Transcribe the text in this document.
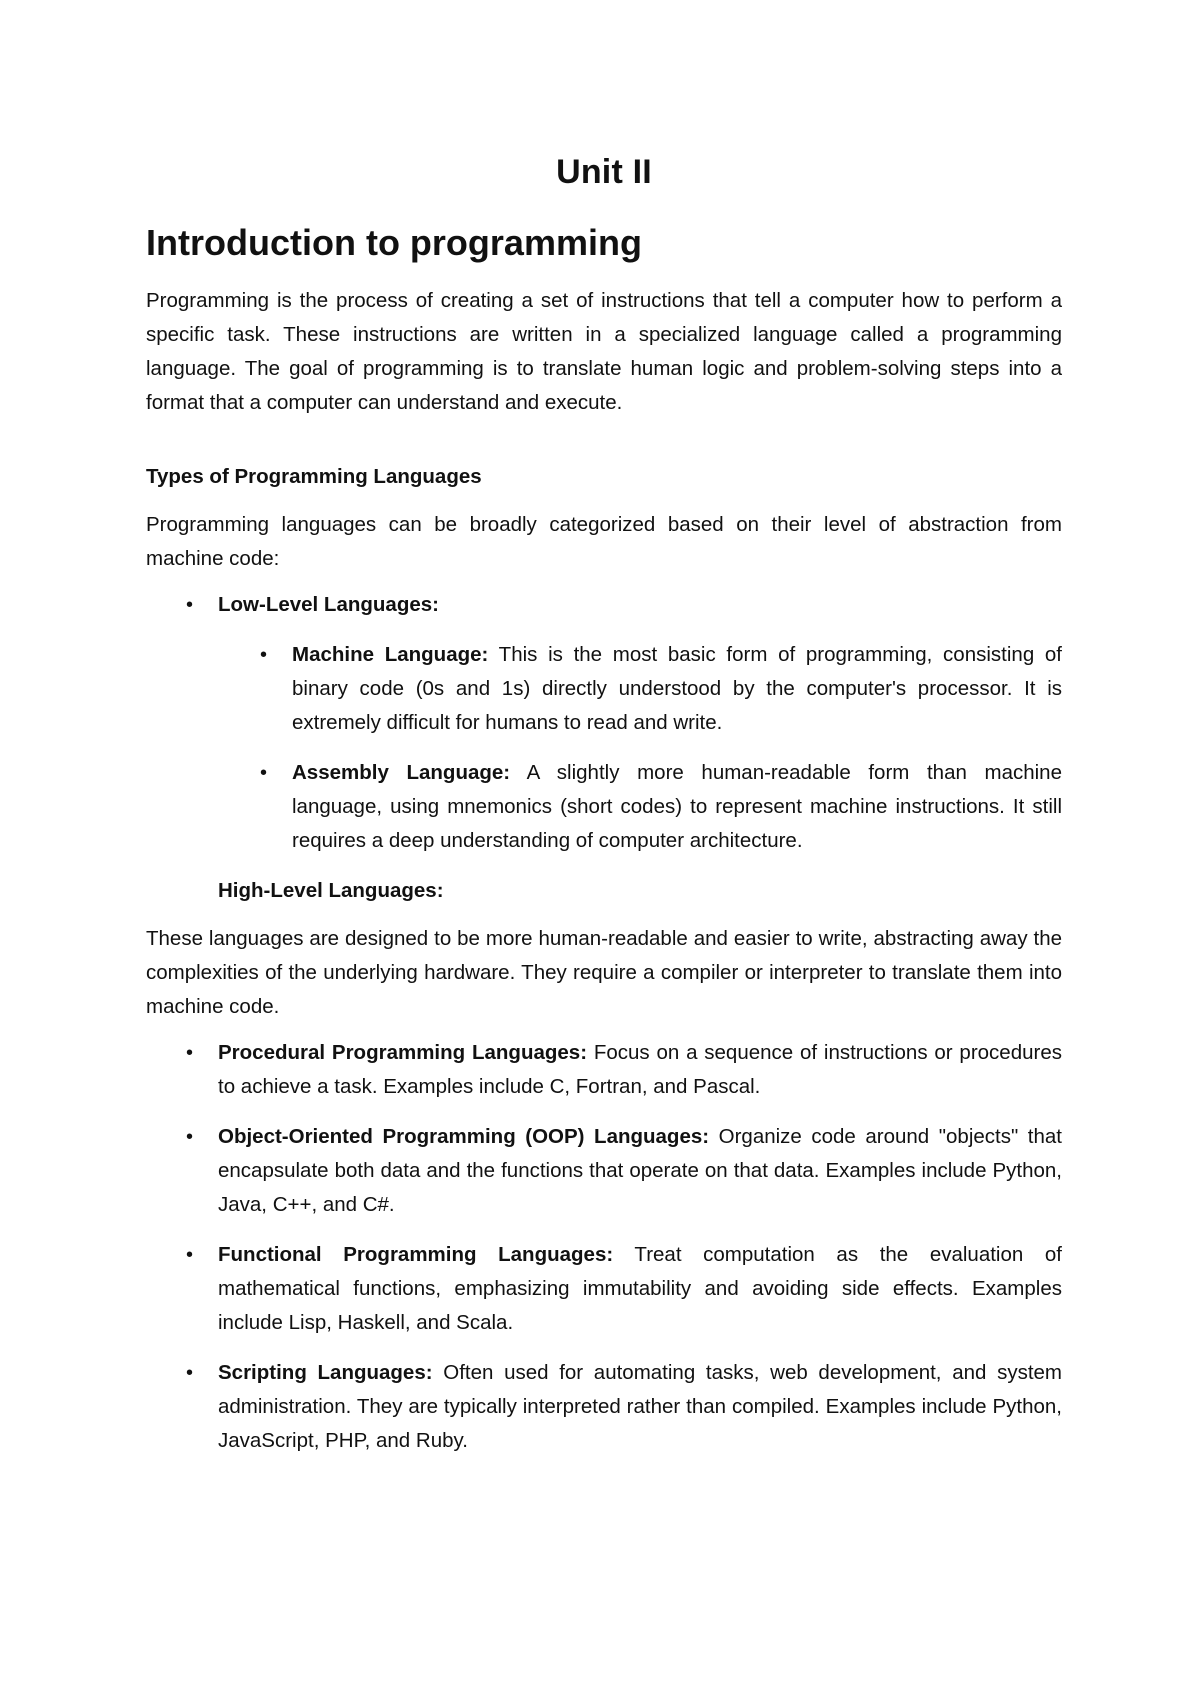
Unit II
Introduction to programming

Programming is the process of creating a set of instructions that tell a computer how to perform a specific task. These instructions are written in a specialized language called a programming language. The goal of programming is to translate human logic and problem-solving steps into a format that a computer can understand and execute.

Types of Programming Languages

Programming languages can be broadly categorized based on their level of abstraction from machine code:

• Low-Level Languages:
• Machine Language: This is the most basic form of programming, consisting of binary code (0s and 1s) directly understood by the computer's processor. It is extremely difficult for humans to read and write.
• Assembly Language: A slightly more human-readable form than machine language, using mnemonics (short codes) to represent machine instructions. It still requires a deep understanding of computer architecture.
High-Level Languages:

These languages are designed to be more human-readable and easier to write, abstracting away the complexities of the underlying hardware. They require a compiler or interpreter to translate them into machine code.

• Procedural Programming Languages: Focus on a sequence of instructions or procedures to achieve a task. Examples include C, Fortran, and Pascal.
• Object-Oriented Programming (OOP) Languages: Organize code around "objects" that encapsulate both data and the functions that operate on that data. Examples include Python, Java, C++, and C#.
• Functional Programming Languages: Treat computation as the evaluation of mathematical functions, emphasizing immutability and avoiding side effects. Examples include Lisp, Haskell, and Scala.
• Scripting Languages: Often used for automating tasks, web development, and system administration. They are typically interpreted rather than compiled. Examples include Python, JavaScript, PHP, and Ruby.
